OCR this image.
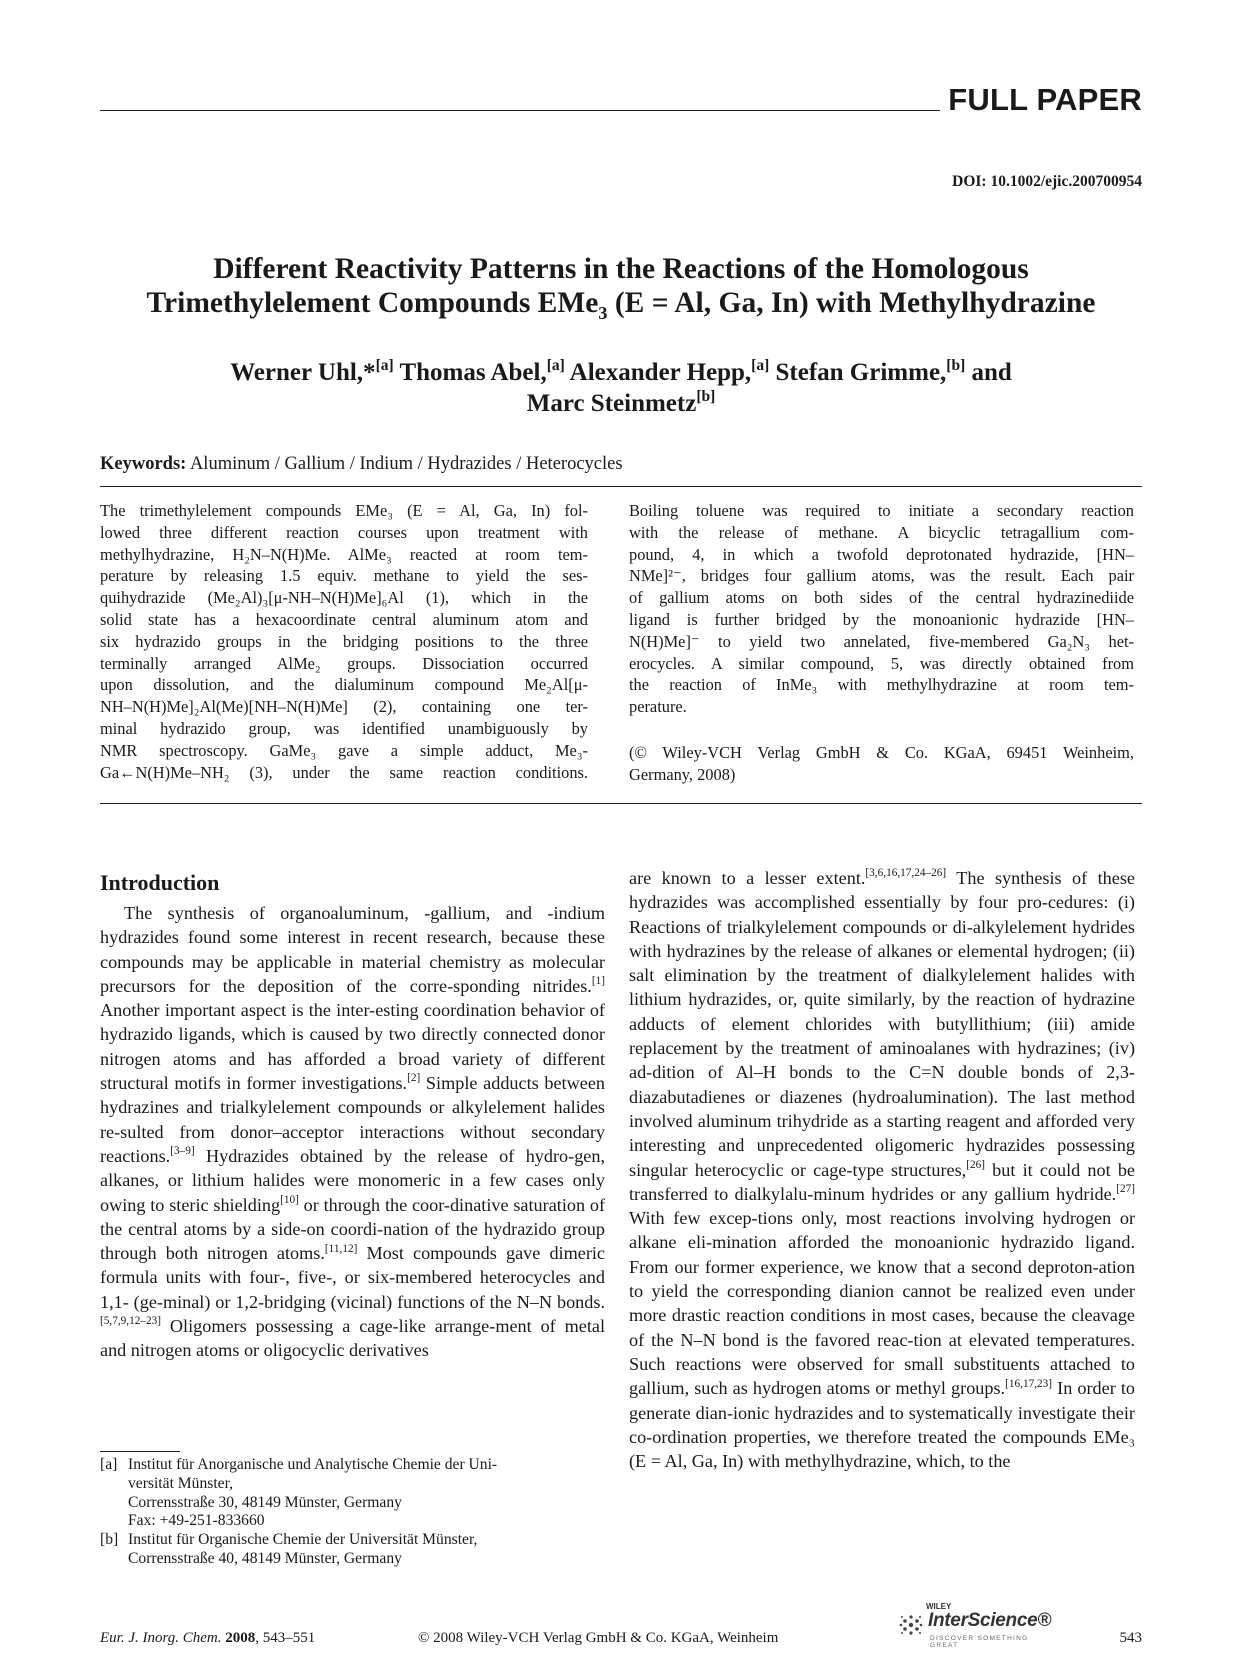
FULL PAPER
DOI: 10.1002/ejic.200700954
Different Reactivity Patterns in the Reactions of the Homologous
Trimethylelement Compounds EMe$_3$ (E = Al, Ga, In) with Methylhydrazine
Werner Uhl,*[a] Thomas Abel,[a] Alexander Hepp,[a] Stefan Grimme,[b] and
Marc Steinmetz[b]
Keywords: Aluminum / Gallium / Indium / Hydrazides / Heterocycles
The trimethylelement compounds EMe₃ (E = Al, Ga, In) fol-
lowed three different reaction courses upon treatment with
methylhydrazine, H₂N–N(H)Me. AlMe₃ reacted at room tem-
perature by releasing 1.5 equiv. methane to yield the ses-
quihydrazide (Me₂Al)₃[μ-NH–N(H)Me]₆Al (1), which in the
solid state has a hexacoordinate central aluminum atom and
six hydrazido groups in the bridging positions to the three
terminally arranged AlMe₂ groups. Dissociation occurred
upon dissolution, and the dialuminum compound Me₂Al[μ-
NH–N(H)Me]₂Al(Me)[NH–N(H)Me] (2), containing one ter-
minal hydrazido group, was identified unambiguously by
NMR spectroscopy. GaMe₃ gave a simple adduct, Me₃-
Ga←N(H)Me–NH₂ (3), under the same reaction conditions.
Boiling toluene was required to initiate a secondary reaction
with the release of methane. A bicyclic tetragallium com-
pound, 4, in which a twofold deprotonated hydrazide, [HN–
NMe]²⁻, bridges four gallium atoms, was the result. Each pair
of gallium atoms on both sides of the central hydrazinediide
ligand is further bridged by the monoanionic hydrazide [HN–
N(H)Me]⁻ to yield two annelated, five-membered Ga₂N₃ het-
erocycles. A similar compound, 5, was directly obtained from
the reaction of InMe₃ with methylhydrazine at room tem-
perature.
(© Wiley-VCH Verlag GmbH & Co. KGaA, 69451 Weinheim,
Germany, 2008)
Introduction

The synthesis of organoaluminum, -gallium, and -indium hydrazides found some interest in recent research, because these compounds may be applicable in material chemistry as molecular precursors for the deposition of the corre-sponding nitrides.[1] Another important aspect is the inter-esting coordination behavior of hydrazido ligands, which is caused by two directly connected donor nitrogen atoms and has afforded a broad variety of different structural motifs in former investigations.[2] Simple adducts between hydrazines and trialkylelement compounds or alkylelement halides re-sulted from donor–acceptor interactions without secondary reactions.[3–9] Hydrazides obtained by the release of hydro-gen, alkanes, or lithium halides were monomeric in a few cases only owing to steric shielding[10] or through the coor-dinative saturation of the central atoms by a side-on coordi-nation of the hydrazido group through both nitrogen atoms.[11,12] Most compounds gave dimeric formula units with four-, five-, or six-membered heterocycles and 1,1- (ge-minal) or 1,2-bridging (vicinal) functions of the N–N bonds.[5,7,9,12–23] Oligomers possessing a cage-like arrange-ment of metal and nitrogen atoms or oligocyclic derivatives

are known to a lesser extent.[3,6,16,17,24–26] The synthesis of these hydrazides was accomplished essentially by four pro-cedures: (i) Reactions of trialkylelement compounds or di-alkylelement hydrides with hydrazines by the release of alkanes or elemental hydrogen; (ii) salt elimination by the treatment of dialkylelement halides with lithium hydrazides, or, quite similarly, by the reaction of hydrazine adducts of element chlorides with butyllithium; (iii) amide replacement by the treatment of aminoalanes with hydrazines; (iv) ad-dition of Al–H bonds to the C=N double bonds of 2,3-diazabutadienes or diazenes (hydroalumination). The last method involved aluminum trihydride as a starting reagent and afforded very interesting and unprecedented oligomeric hydrazides possessing singular heterocyclic or cage-type structures,[26] but it could not be transferred to dialkylalu-minum hydrides or any gallium hydride.[27] With few excep-tions only, most reactions involving hydrogen or alkane eli-mination afforded the monoanionic hydrazido ligand. From our former experience, we know that a second deproton-ation to yield the corresponding dianion cannot be realized even under more drastic reaction conditions in most cases, because the cleavage of the N–N bond is the favored reac-tion at elevated temperatures. Such reactions were observed for small substituents attached to gallium, such as hydrogen atoms or methyl groups.[16,17,23] In order to generate dian-ionic hydrazides and to systematically investigate their co-ordination properties, we therefore treated the compounds EMe₃ (E = Al, Ga, In) with methylhydrazine, which, to the

[a] Institut für Anorganische und Analytische Chemie der Uni-
versität Münster,
Corrensstraße 30, 48149 Münster, Germany
Fax: +49-251-833660
[b] Institut für Organische Chemie der Universität Münster,
Corrensstraße 40, 48149 Münster, Germany
Eur. J. Inorg. Chem. 2008, 543–551	© 2008 Wiley-VCH Verlag GmbH & Co. KGaA, Weinheim
WILEY
InterScience®
DISCOVER SOMETHING GREAT	543
